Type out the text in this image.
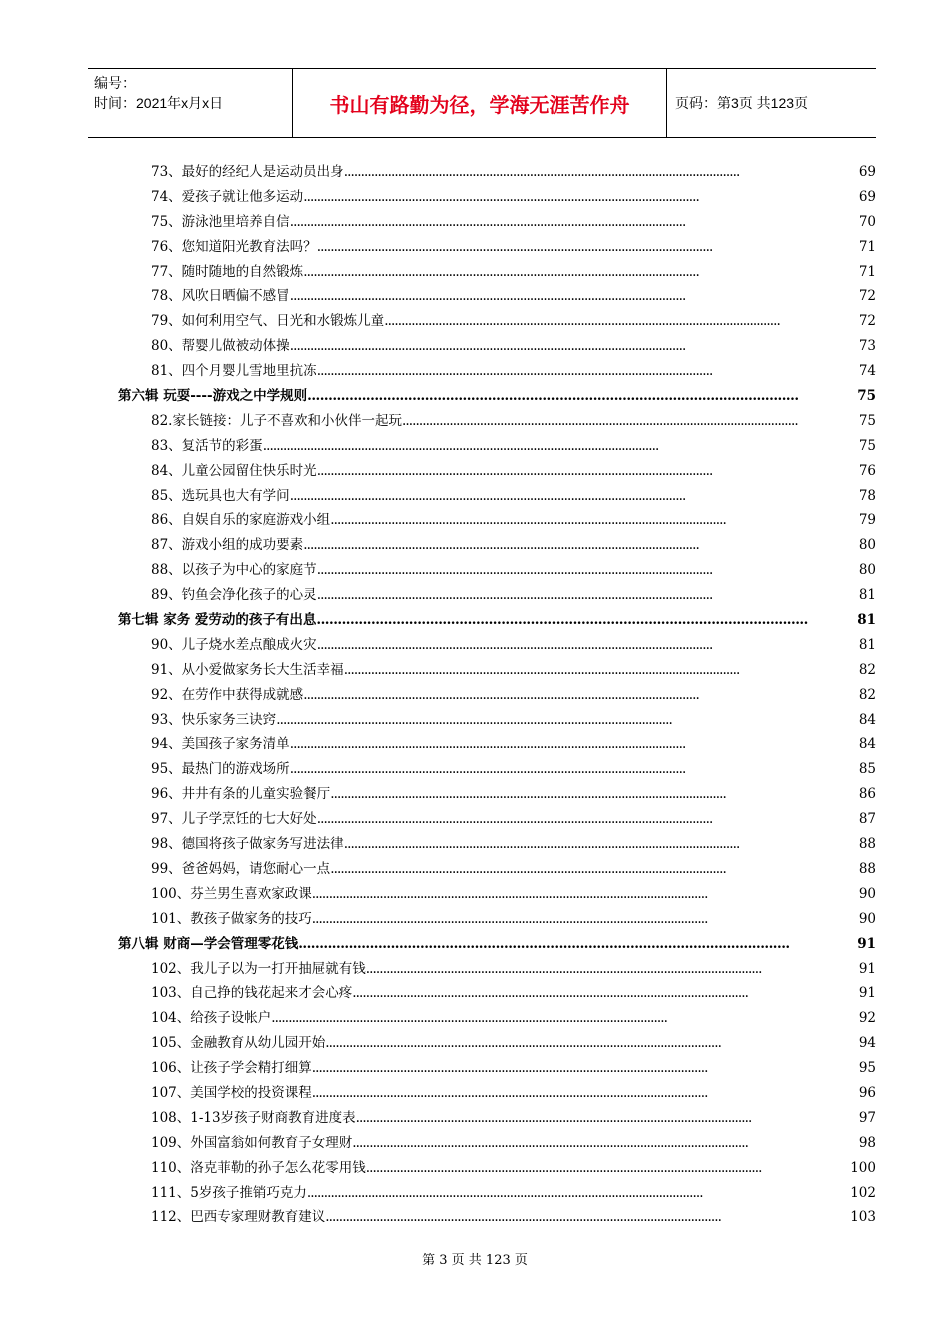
编号：
时间：2021年x月x日	书山有路勤为径，学海无涯苦作舟	页码：第3页 共123页
73、最好的经纪人是运动员出身 . . .	69
74、爱孩子就让他多运动 . . .	69
75、游泳池里培养自信 . . .	70
76、您知道阳光教育法吗？ . . .	71
77、随时随地的自然锻炼 . . .	71
78、风吹日晒偏不感冒 . . .	72
79、如何利用空气、日光和水锻炼儿童 . . .	72
80、帮婴儿做被动体操 . . .	73
81、四个月婴儿雪地里抗冻 . . .	74
第六辑 玩耍----游戏之中学规则 . . .	75
82.家长链接：儿子不喜欢和小伙伴一起玩 . . .	75
83、复活节的彩蛋 . . .	75
84、儿童公园留住快乐时光 . . .	76
85、选玩具也大有学问 . . .	78
86、自娱自乐的家庭游戏小组 . . .	79
87、游戏小组的成功要素 . . .	80
88、以孩子为中心的家庭节 . . .	80
89、钓鱼会净化孩子的心灵 . . .	81
第七辑 家务 爱劳动的孩子有出息 . . .	81
90、儿子烧水差点酿成火灾 . . .	81
91、从小爱做家务长大生活幸福 . . .	82
92、在劳作中获得成就感 . . .	82
93、快乐家务三诀窍 . . .	84
94、美国孩子家务清单 . . .	84
95、最热门的游戏场所 . . .	85
96、井井有条的儿童实验餐厅 . . .	86
97、儿子学烹饪的七大好处 . . .	87
98、德国将孩子做家务写进法律 . . .	88
99、爸爸妈妈，请您耐心一点 . . .	88
100、芬兰男生喜欢家政课 . . .	90
101、教孩子做家务的技巧 . . .	90
第八辑 财商—学会管理零花钱 . . .	91
102、我儿子以为一打开抽屉就有钱 . . .	91
103、自己挣的钱花起来才会心疼 . . .	91
104、给孩子设帐户 . . .	92
105、金融教育从幼儿园开始 . . .	94
106、让孩子学会精打细算 . . .	95
107、美国学校的投资课程 . . .	96
108、1-13岁孩子财商教育进度表 . . .	97
109、外国富翁如何教育子女理财 . . .	98
110、洛克菲勒的孙子怎么花零用钱 . . .	100
111、5岁孩子推销巧克力 . . .	102
112、巴西专家理财教育建议 . . .	103
第 3 页 共 123 页
